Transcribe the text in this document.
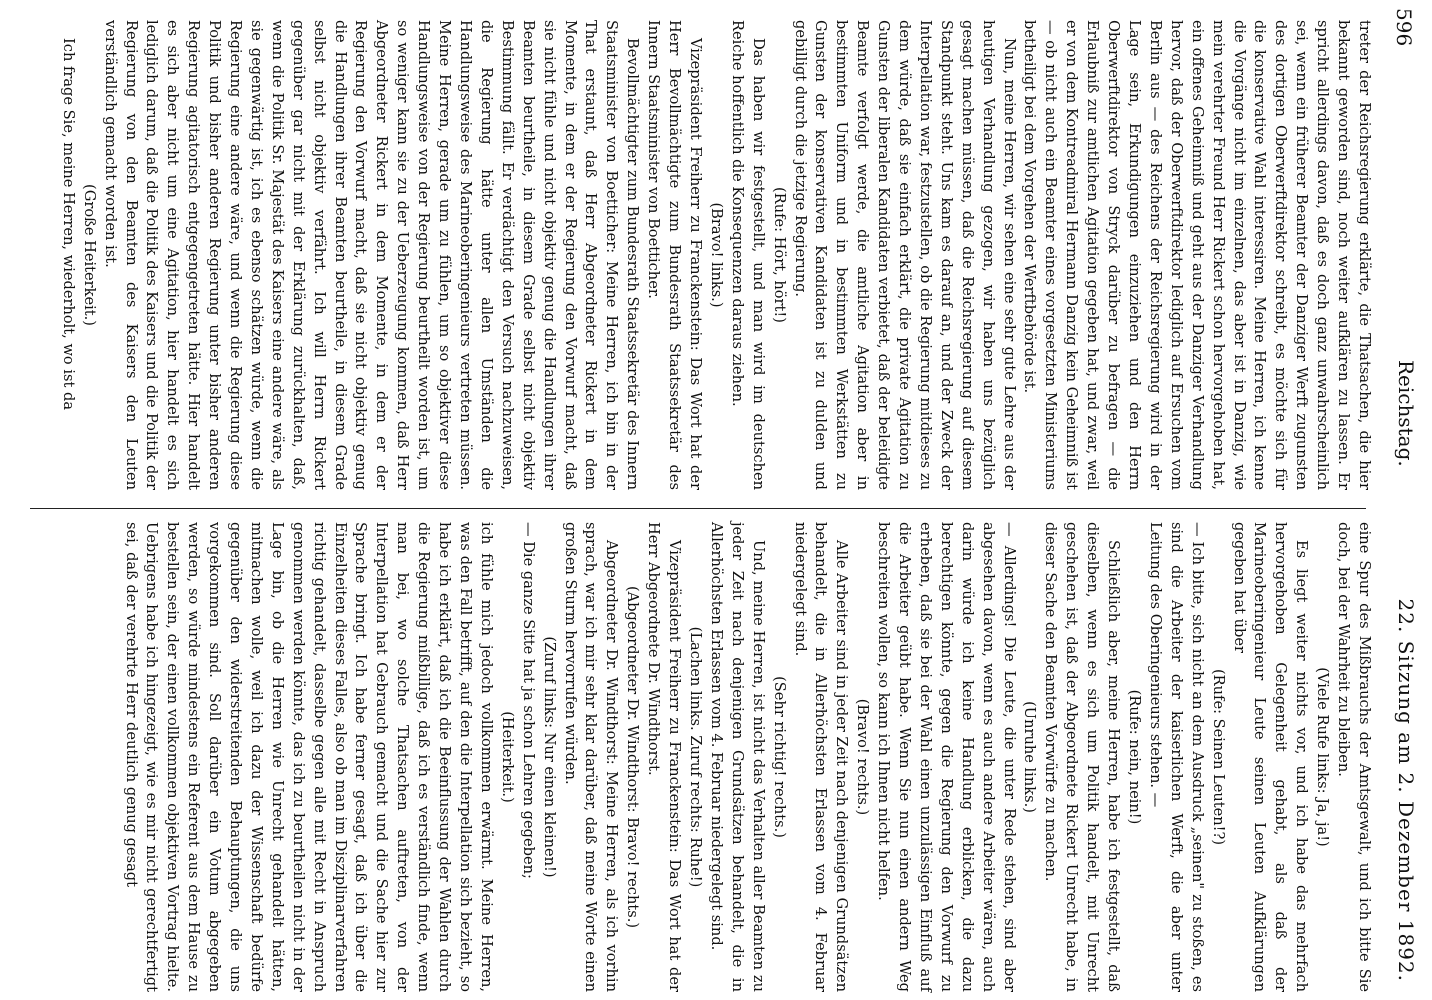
596
Reichstag.
22. Sitzung am 2. Dezember 1892.

treter der Reichsregierung erklärte, die Thatsachen, die hier bekannt geworden sind, noch weiter aufklären zu lassen. Er spricht allerdings davon, daß es doch ganz unwahrscheinlich sei, wenn ein früherer Beamter der Danziger Werft zugunsten des dortigen Oberwerftdirektor schreibt, es möchte sich für die konservative Wahl interessiren. Meine Herren, ich kenne die Vorgänge nicht im einzelnen, das aber ist in Danzig, wie mein verehrter Freund Herr Rickert schon hervorgehoben hat, ein offenes Geheimniß und geht aus der Danziger Verhandlung hervor, daß der Oberwerftdirektor lediglich auf Ersuchen vom Berlin aus — des Reichens der Reichsregierung wird in der Lage sein, Erkundigungen einzuziehen und den Herrn Oberwerftdirektor von Stryck darüber zu befragen — die Erlaubniß zur amtlichen Agitation gegeben hat, und zwar, weil er von dem Kontreadmiral Hermann Danzig kein Geheimniß ist — ob nicht auch ein Beamter eines vorgesetzten Ministeriums betheiligt bei dem Vorgehen der Werftbehörde ist.

Nun, meine Herren, wir sehen eine sehr gute Lehre aus der heutigen Verhandlung gezogen, wir haben uns bezüglich gesagt machen müssen, daß die Reichsregierung auf diesem Standpunkt steht. Uns kam es darauf an, und der Zweck der Interpellation war, festzustellen, ob die Regierung mitdieses zu dem würde, daß sie einfach erklärt, die private Agitation zu Gunsten der liberalen Kandidaten verbietet, daß der beleidigte Beamte verfolgt werde, die amtliche Agitation aber in bestimmten Uniform und in bestimmten Werkstätten zu Gunsten der konservativen Kandidaten ist zu dulden und gebilligt durch die jetzige Regierung.

(Rufe: Hört, hört!)

Das haben wir festgestellt, und man wird im deutschen Reiche hoffentlich die Konsequenzen daraus ziehen.

(Bravo! links.)

Vizepräsident Freiherr zu Franckenstein: Das Wort hat der Herr Bevollmächtigte zum Bundesrath Staatssekretär des Innern Staatsminister von Boetticher.

Bevollmächtigter zum Bundesrath Staatssekretär des Innern Staatsminister von Boetticher: Meine Herren, ich bin in der That erstaunt, daß Herr Abgeordneter Rickert in dem Momente, in dem er der Regierung den Vorwurf macht, daß sie nicht fühle und nicht objektiv genug die Handlungen ihrer Beamten beurtheile, in diesem Grade selbst nicht objektiv Bestimmung fällt. Er verdächtigt den Versuch nachzuweisen, die Regierung hätte unter allen Umständen die Handlungsweise des Marineoberingenieurs vertreten müssen. Meine Herren, gerade um zu fühlen, um so objektiver diese Handlungsweise von der Regierung beurtheilt worden ist, um so weniger kann sie zu der Ueberzeugung kommen, daß Herr Abgeordneter Rickert in dem Momente, in dem er der Regierung den Vorwurf macht, daß sie nicht objektiv genug die Handlungen ihrer Beamten beurtheile, in diesem Grade selbst nicht objektiv verfährt. Ich will Herrn Rickert gegenüber gar nicht mit der Erklärung zurückhalten, daß, wenn die Politik Sr. Majestät des Kaisers eine andere wäre, als sie gegenwärtig ist, ich es ebenso schätzen würde, wenn die Regierung eine andere wäre, und wenn die Regierung diese Politik und bisher anderen Regierung unter bisher anderen Regierung agitatorisch entgegengetreten hätte. Hier handelt es sich aber nicht um eine Agitation, hier handelt es sich lediglich darum, daß die Politik des Kaisers und die Politik der Regierung von den Beamten des Kaisers den Leuten verständlich gemacht worden ist.

(Große Heiterkeit.)

Ich frage Sie, meine Herren, wiederholt, wo ist da

eine Spur des Mißbrauchs der Amtsgewalt, und ich bitte Sie doch, bei der Wahrheit zu bleiben.

(Viele Rufe links: Ja, ja!)

Es liegt weiter nichts vor, und ich habe das mehrfach hervorgehoben Gelegenheit gehabt, als daß der Marineoberingenieur Leute seinen Leuten Aufklärungen gegeben hat über

(Rufe: Seinen Leuten!?)

— Ich bitte, sich nicht an dem Ausdruck „seinen" zu stoßen, es sind die Arbeiter der kaiserlichen Werft, die aber unter Leitung des Oberingenieurs stehen. —

(Rufe: nein, nein!)

Schließlich aber, meine Herren, habe ich festgestellt, daß dieselben, wenn es sich um Politik handelt, mit Unrecht geschehen ist, daß der Abgeordnete Rickert Unrecht habe, in dieser Sache den Beamten Vorwürfe zu machen.

(Unruhe links.)

— Allerdings! Die Leute, die unter Rede stehen, sind aber abgesehen davon, wenn es auch andere Arbeiter wären, auch darin würde ich keine Handlung erblicken, die dazu berechtigen könnte, gegen die Regierung den Vorwurf zu erheben, daß sie bei der Wahl einen unzulässigen Einfluß auf die Arbeiter geübt habe. Wenn Sie nun einen andern Weg beschreiten wollen, so kann ich Ihnen nicht helfen.

(Bravo! rechts.)

Alle Arbeiter sind in jeder Zeit nach denjenigen Grundsätzen behandelt, die in Allerhöchsten Erlassen vom 4. Februar niedergelegt sind.

(Sehr richtig! rechts.)

Und, meine Herren, ist nicht das Verhalten aller Beamten zu jeder Zeit nach denjenigen Grundsätzen behandelt, die in Allerhöchsten Erlassen vom 4. Februar niedergelegt sind.

(Lachen links. Zuruf rechts: Ruhe!)

Vizepräsident Freiherr zu Franckenstein: Das Wort hat der Herr Abgeordnete Dr. Windthorst.

(Abgeordneter Dr. Windthorst: Bravo! rechts.)

Abgeordneter Dr. Windthorst: Meine Herren, als ich vorhin sprach, war ich mir sehr klar darüber, daß meine Worte einen großen Sturm hervorrufen würden.

(Zuruf links: Nur einen kleinen!)

— Die ganze Sitte hat ja schon Lehren gegeben;

(Heiterkeit.)

ich fühle mich jedoch vollkommen erwärmt. Meine Herren, was den Fall betrifft, auf den die Interpellation sich bezieht, so habe ich erklärt, daß ich die Beeinflussung der Wahlen durch die Regierung mißbillige, daß ich es verständlich finde, wenn man bei, wo solche Thatsachen auftreten, von der Interpellation hat Gebrauch gemacht und die Sache hier zur Sprache bringt. Ich habe ferner gesagt, daß ich über die Einzelheiten dieses Falles, also ob man im Disziplinarverfahren richtig gehandelt, dasselbe gegen alle mit Recht in Anspruch genommen werden könnte, das ich zu beurtheilen nicht in der Lage bin, ob die Herren wie Unrecht gehandelt hätten, mitmachen wolle, weil ich dazu der Wissenschaft bedürfe gegenüber den widerstreitenden Behauptungen, die uns vorgekommen sind. Soll darüber ein Votum abgegeben werden, so würde mindestens ein Referent aus dem Hause zu bestellen sein, der einen vollkommen objektiven Vortrag hielte. Uebrigens habe ich hingezeigt, wie es mir nicht gerechtfertigt sei, daß der verehrte Herr deutlich genug gesagt
